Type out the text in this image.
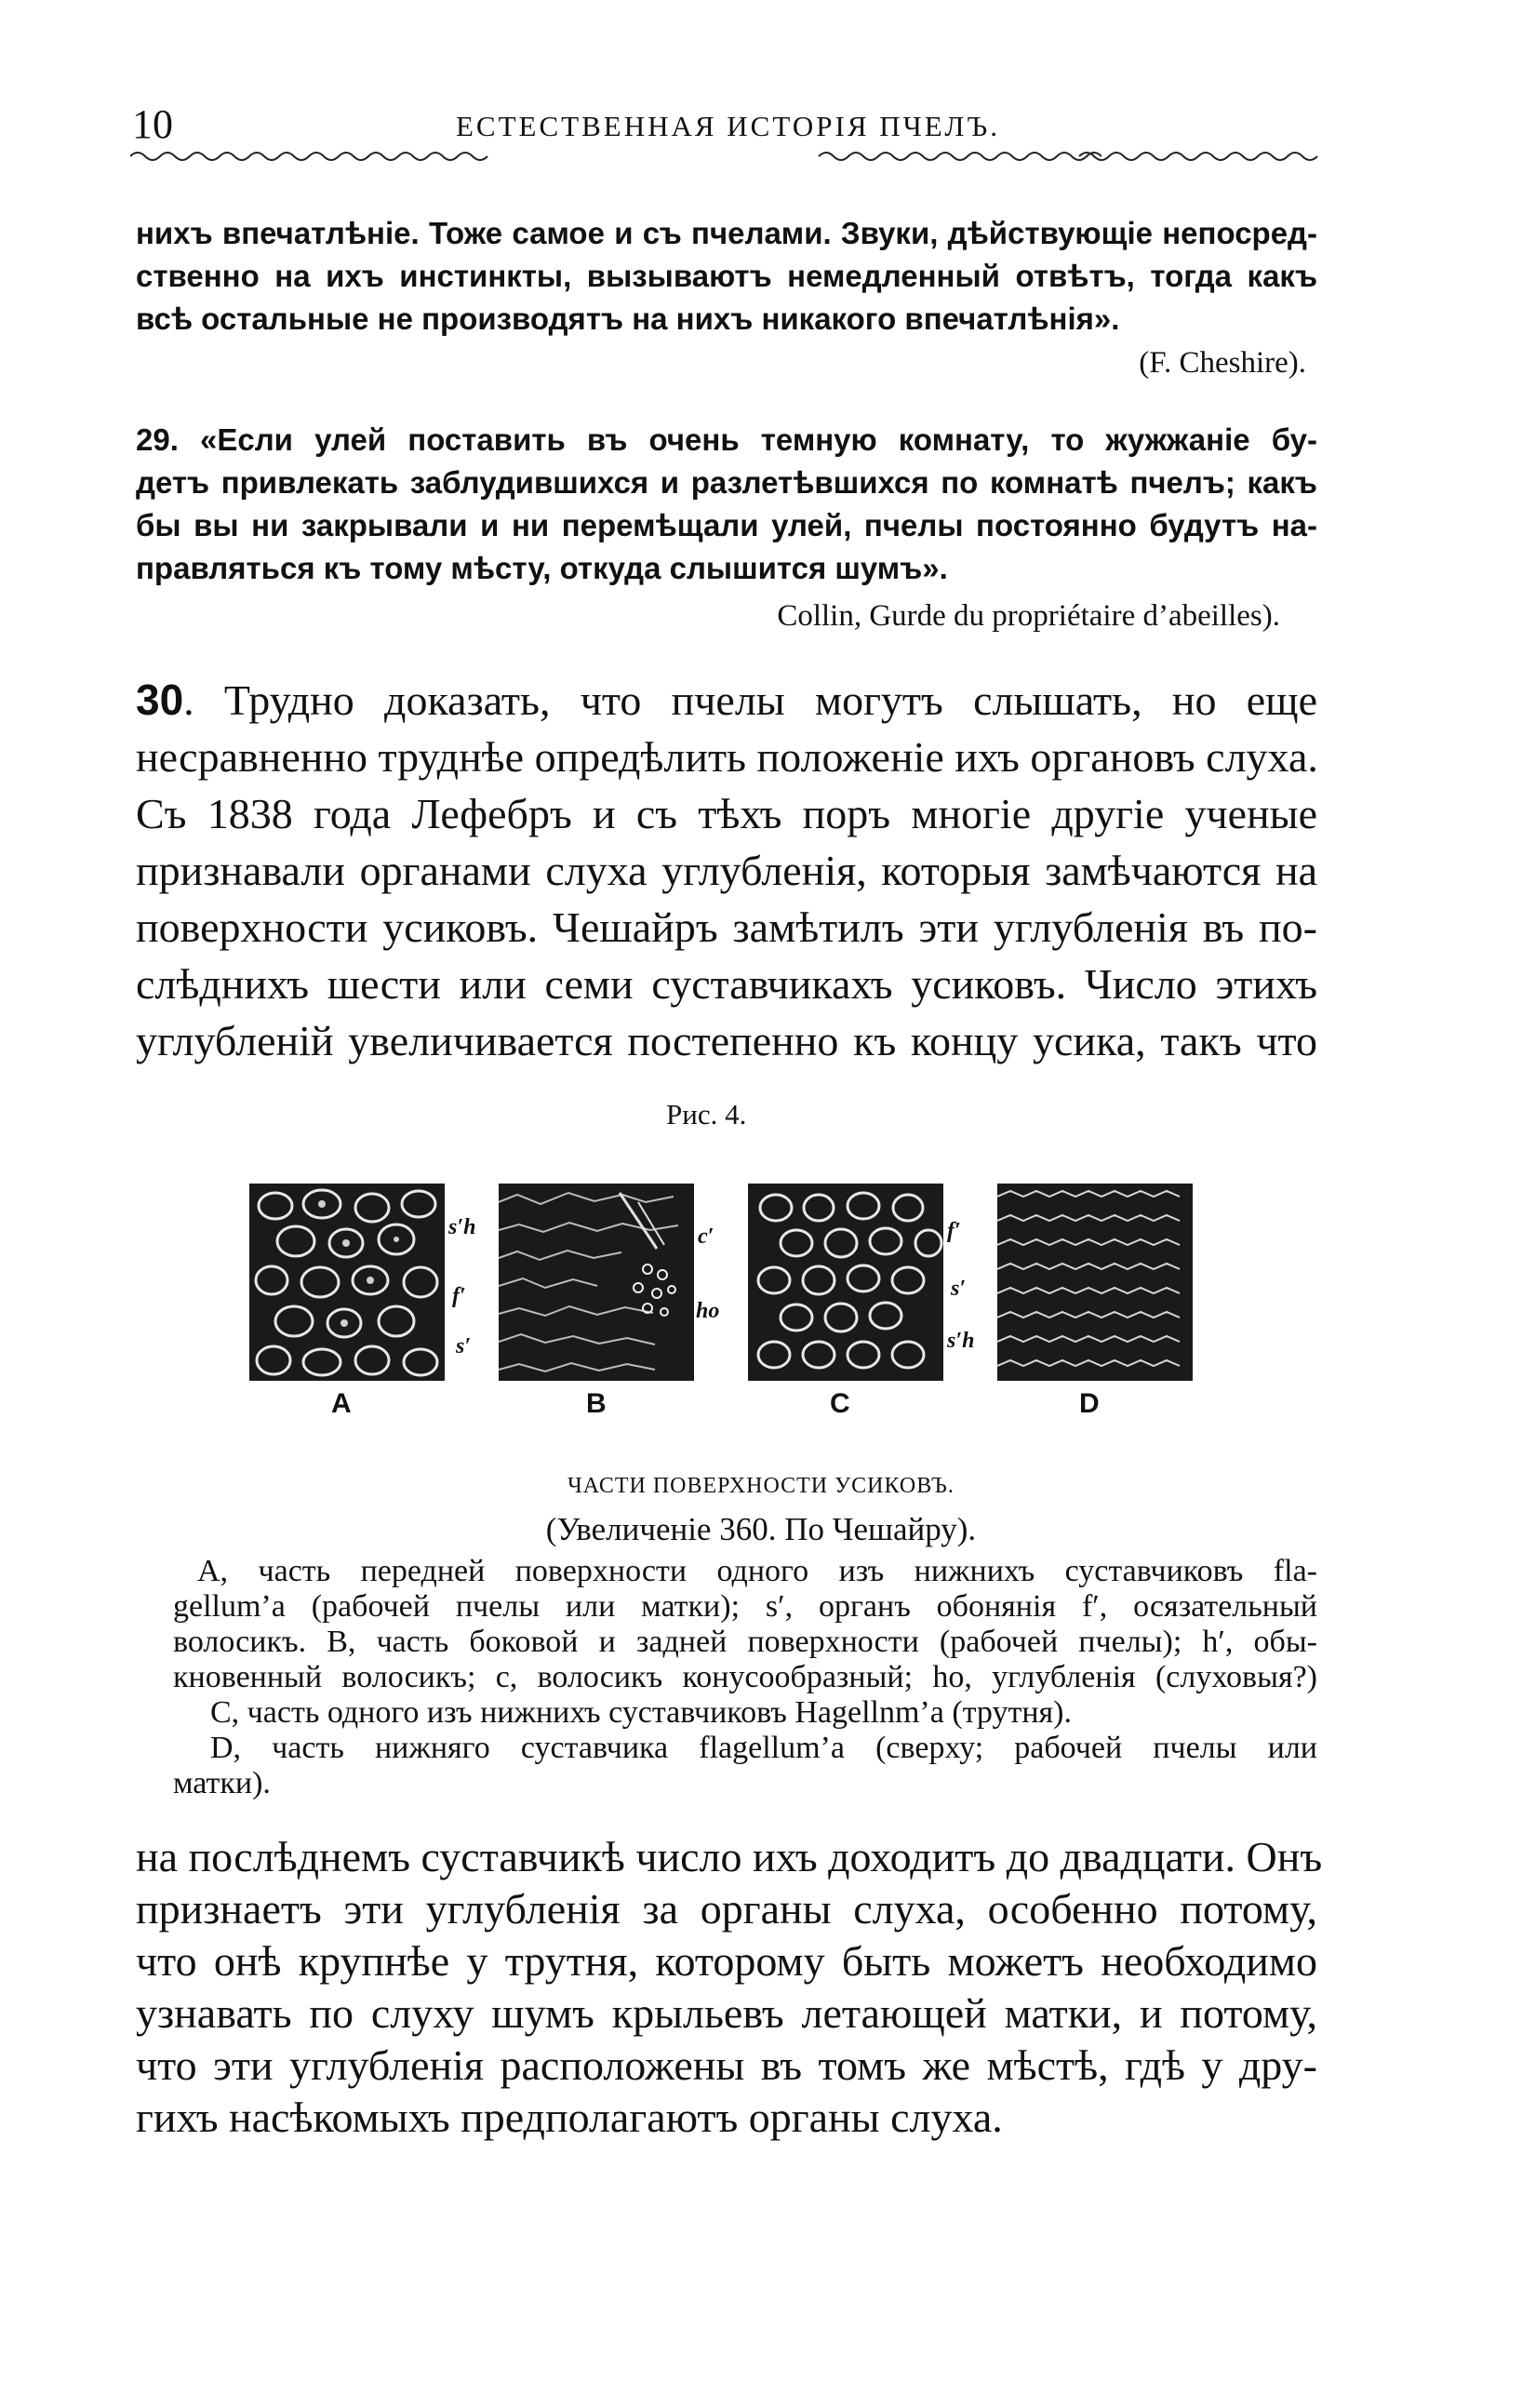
10	ЕСТЕСТВЕННАЯ ИСТОРІЯ ПЧЕЛЪ.
нихъ впечатлѣніе. Тоже самое и съ пчелами. Звуки, дѣйствующіе непосред-
ственно на ихъ инстинкты, вызываютъ немедленный отвѣтъ, тогда какъ
всѣ остальные не производятъ на нихъ никакого впечатлѣнія».
(F. Cheshire).
29. «Если улей поставить въ очень темную комнату, то жужжаніе бу-
детъ привлекать заблудившихся и разлетѣвшихся по комнатѣ пчелъ; какъ
бы вы ни закрывали и ни перемѣщали улей, пчелы постоянно будутъ на-
правляться къ тому мѣсту, откуда слышится шумъ».
Collin, Gurde du propriétaire d’abeilles).
30. Трудно доказать, что пчелы могутъ слышать, но еще
несравненно труднѣе опредѣлить положеніе ихъ органовъ слуха.
Съ 1838 года Лефебръ и съ тѣхъ поръ многіе другіе ученые
признавали органами слуха углубленія, которыя замѣчаются на
поверхности усиковъ. Чешайръ замѣтилъ эти углубленія въ по-
слѣднихъ шести или семи суставчикахъ усиковъ. Число этихъ
углубленій увеличивается постепенно къ концу усика, такъ что
Рис. 4.
s′h
f′
s′
c′
ho
f′
s′
s′h
A	B	C	D
ЧАСТИ ПОВЕРХНОСТИ УСИКОВЪ.
(Увеличеніе 360. По Чешайру).
A, часть передней поверхности одного изъ нижнихъ суставчиковъ fla-
gellum’a (рабочей пчелы или матки); s′, органъ обонянія f′, осязательный
волосикъ. B, часть боковой и задней поверхности (рабочей пчелы); h′, обы-
кновенный волосикъ; c, волосикъ конусообразный; ho, углубленія (слуховыя?)
C, часть одного изъ нижнихъ суставчиковъ Hagellnm’a (трутня).
D, часть нижняго суставчика flagellum’a (сверху; рабочей пчелы или
матки).
на послѣднемъ суставчикѣ число ихъ доходитъ до двадцати. Онъ
признаетъ эти углубленія за органы слуха, особенно потому,
что онѣ крупнѣе у трутня, которому быть можетъ необходимо
узнавать по слуху шумъ крыльевъ летающей матки, и потому,
что эти углубленія расположены въ томъ же мѣстѣ, гдѣ у дру-
гихъ насѣкомыхъ предполагаютъ органы слуха.
